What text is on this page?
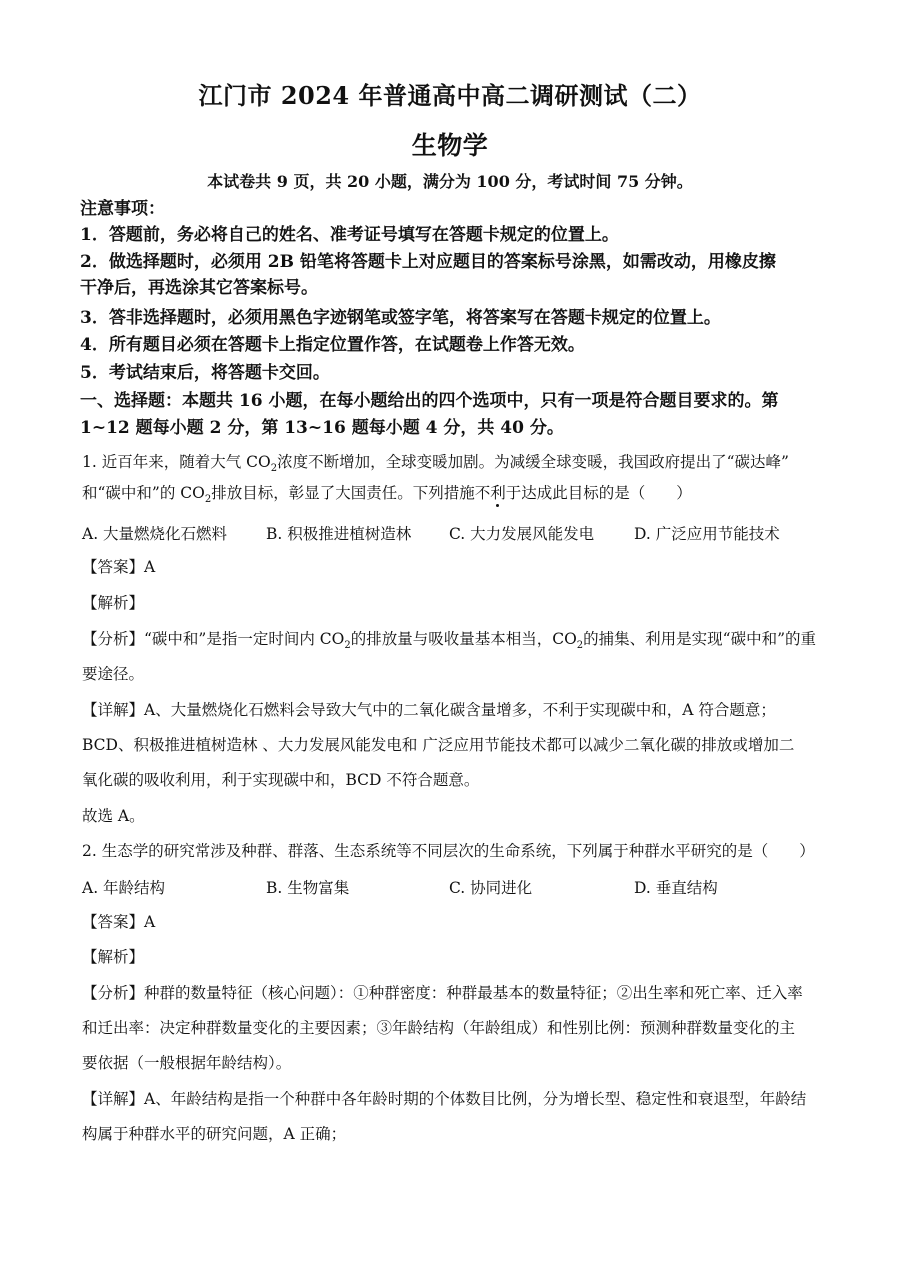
江门市 2024 年普通高中高二调研测试（二）
生物学
本试卷共 9 页，共 20 小题，满分为 100 分，考试时间 75 分钟。
注意事项：
1．答题前，务必将自己的姓名、准考证号填写在答题卡规定的位置上。
2．做选择题时，必须用 2B 铅笔将答题卡上对应题目的答案标号涂黑，如需改动，用橡皮擦
干净后，再选涂其它答案标号。
3．答非选择题时，必须用黑色字迹钢笔或签字笔，将答案写在答题卡规定的位置上。
4．所有题目必须在答题卡上指定位置作答，在试题卷上作答无效。
5．考试结束后，将答题卡交回。
一、选择题：本题共 16 小题，在每小题给出的四个选项中，只有一项是符合题目要求的。第
1~12 题每小题 2 分，第 13~16 题每小题 4 分，共 40 分。
1. 近百年来，随着大气 $CO_2$浓度不断增加，全球变暖加剧。为减缓全球变暖，我国政府提出了“碳达峰”
和“碳中和”的 $CO_2$排放目标，彰显了大国责任。下列措施不利于达成此目标的是（　　）
A. 大量燃烧化石燃料	B. 积极推进植树造林 C. 大力发展风能发电	D. 广泛应用节能技术
【答案】A
【解析】
【分析】“碳中和”是指一定时间内 $CO_2$的排放量与吸收量基本相当，$CO_2$的捕集、利用是实现“碳中和”的重
要途径。
【详解】A、大量燃烧化石燃料会导致大气中的二氧化碳含量增多，不利于实现碳中和，A 符合题意；
BCD、积极推进植树造林 、大力发展风能发电和 广泛应用节能技术都可以减少二氧化碳的排放或增加二
氧化碳的吸收利用，利于实现碳中和，BCD 不符合题意。
故选 A。
2. 生态学的研究常涉及种群、群落、生态系统等不同层次的生命系统，下列属于种群水平研究的是（　　）
A. 年龄结构	B. 生物富集	C. 协同进化	D. 垂直结构
【答案】A
【解析】
【分析】种群的数量特征（核心问题）：①种群密度：种群最基本的数量特征；②出生率和死亡率、迁入率
和迁出率：决定种群数量变化的主要因素；③年龄结构（年龄组成）和性别比例：预测种群数量变化的主
要依据（一般根据年龄结构）。
【详解】A、年龄结构是指一个种群中各年龄时期的个体数目比例，分为增长型、稳定性和衰退型，年龄结
构属于种群水平的研究问题，A 正确；
